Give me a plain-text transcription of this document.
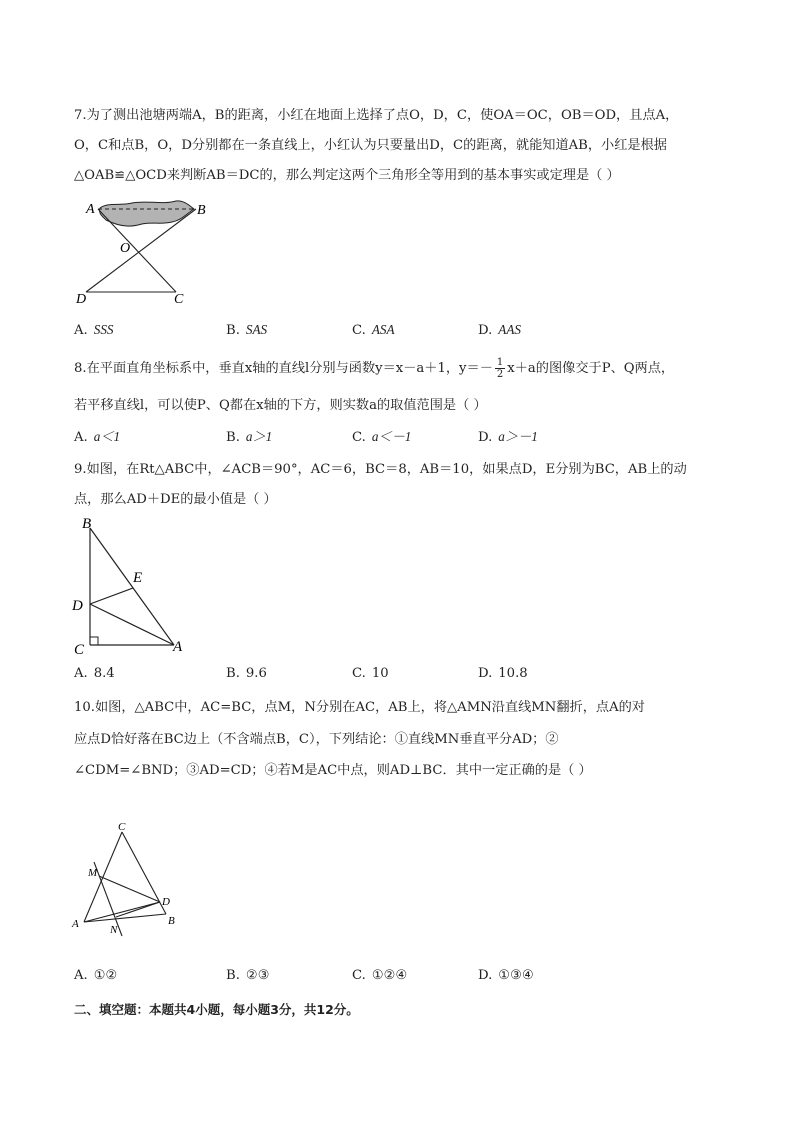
7.为了测出池塘两端A，B的距离，小红在地面上选择了点O，D，C，使OA＝OC，OB＝OD，且点A，
O，C和点B，O，D分别都在一条直线上，小红认为只要量出D，C的距离，就能知道AB，小红是根据
△OAB≌△OCD来判断AB＝DC的，那么判定这两个三角形全等用到的基本事实或定理是（ ）
A	B
O
D	C
A. SSS	B. SAS	C. ASA	D. AAS
8.在平面直角坐标系中，垂直x轴的直线l分别与函数y＝x－a＋1，$y=- \frac{1}{2} x+a$的图像交于P、Q两点，
若平移直线l，可以使P、Q都在x轴的下方，则实数a的取值范围是（ ）
A. a＜1	B. a＞1	C. a＜－1	D. a＞－1
9.如图，在Rt△ABC中，∠ACB＝90°，AC＝6，BC＝8，AB＝10，如果点D，E分别为BC，AB上的动
点，那么AD＋DE的最小值是（ ）
B
E
D
C	A
A. 8.4	B. 9.6	C. 10	D. 10.8
10.如图，△ABC中，AC=BC，点M，N分别在AC，AB上，将△AMN沿直线MN翻折，点A的对
应点D恰好落在BC边上（不含端点B，C），下列结论：①直线MN垂直平分AD；②
∠CDM=∠BND；③AD=CD；④若M是AC中点，则AD⊥BC．其中一定正确的是（ ）
C
M
D
A	N
B
A. ①②	B. ②③	C. ①②④	D. ①③④
二、填空题：本题共4小题，每小题3分，共12分。
